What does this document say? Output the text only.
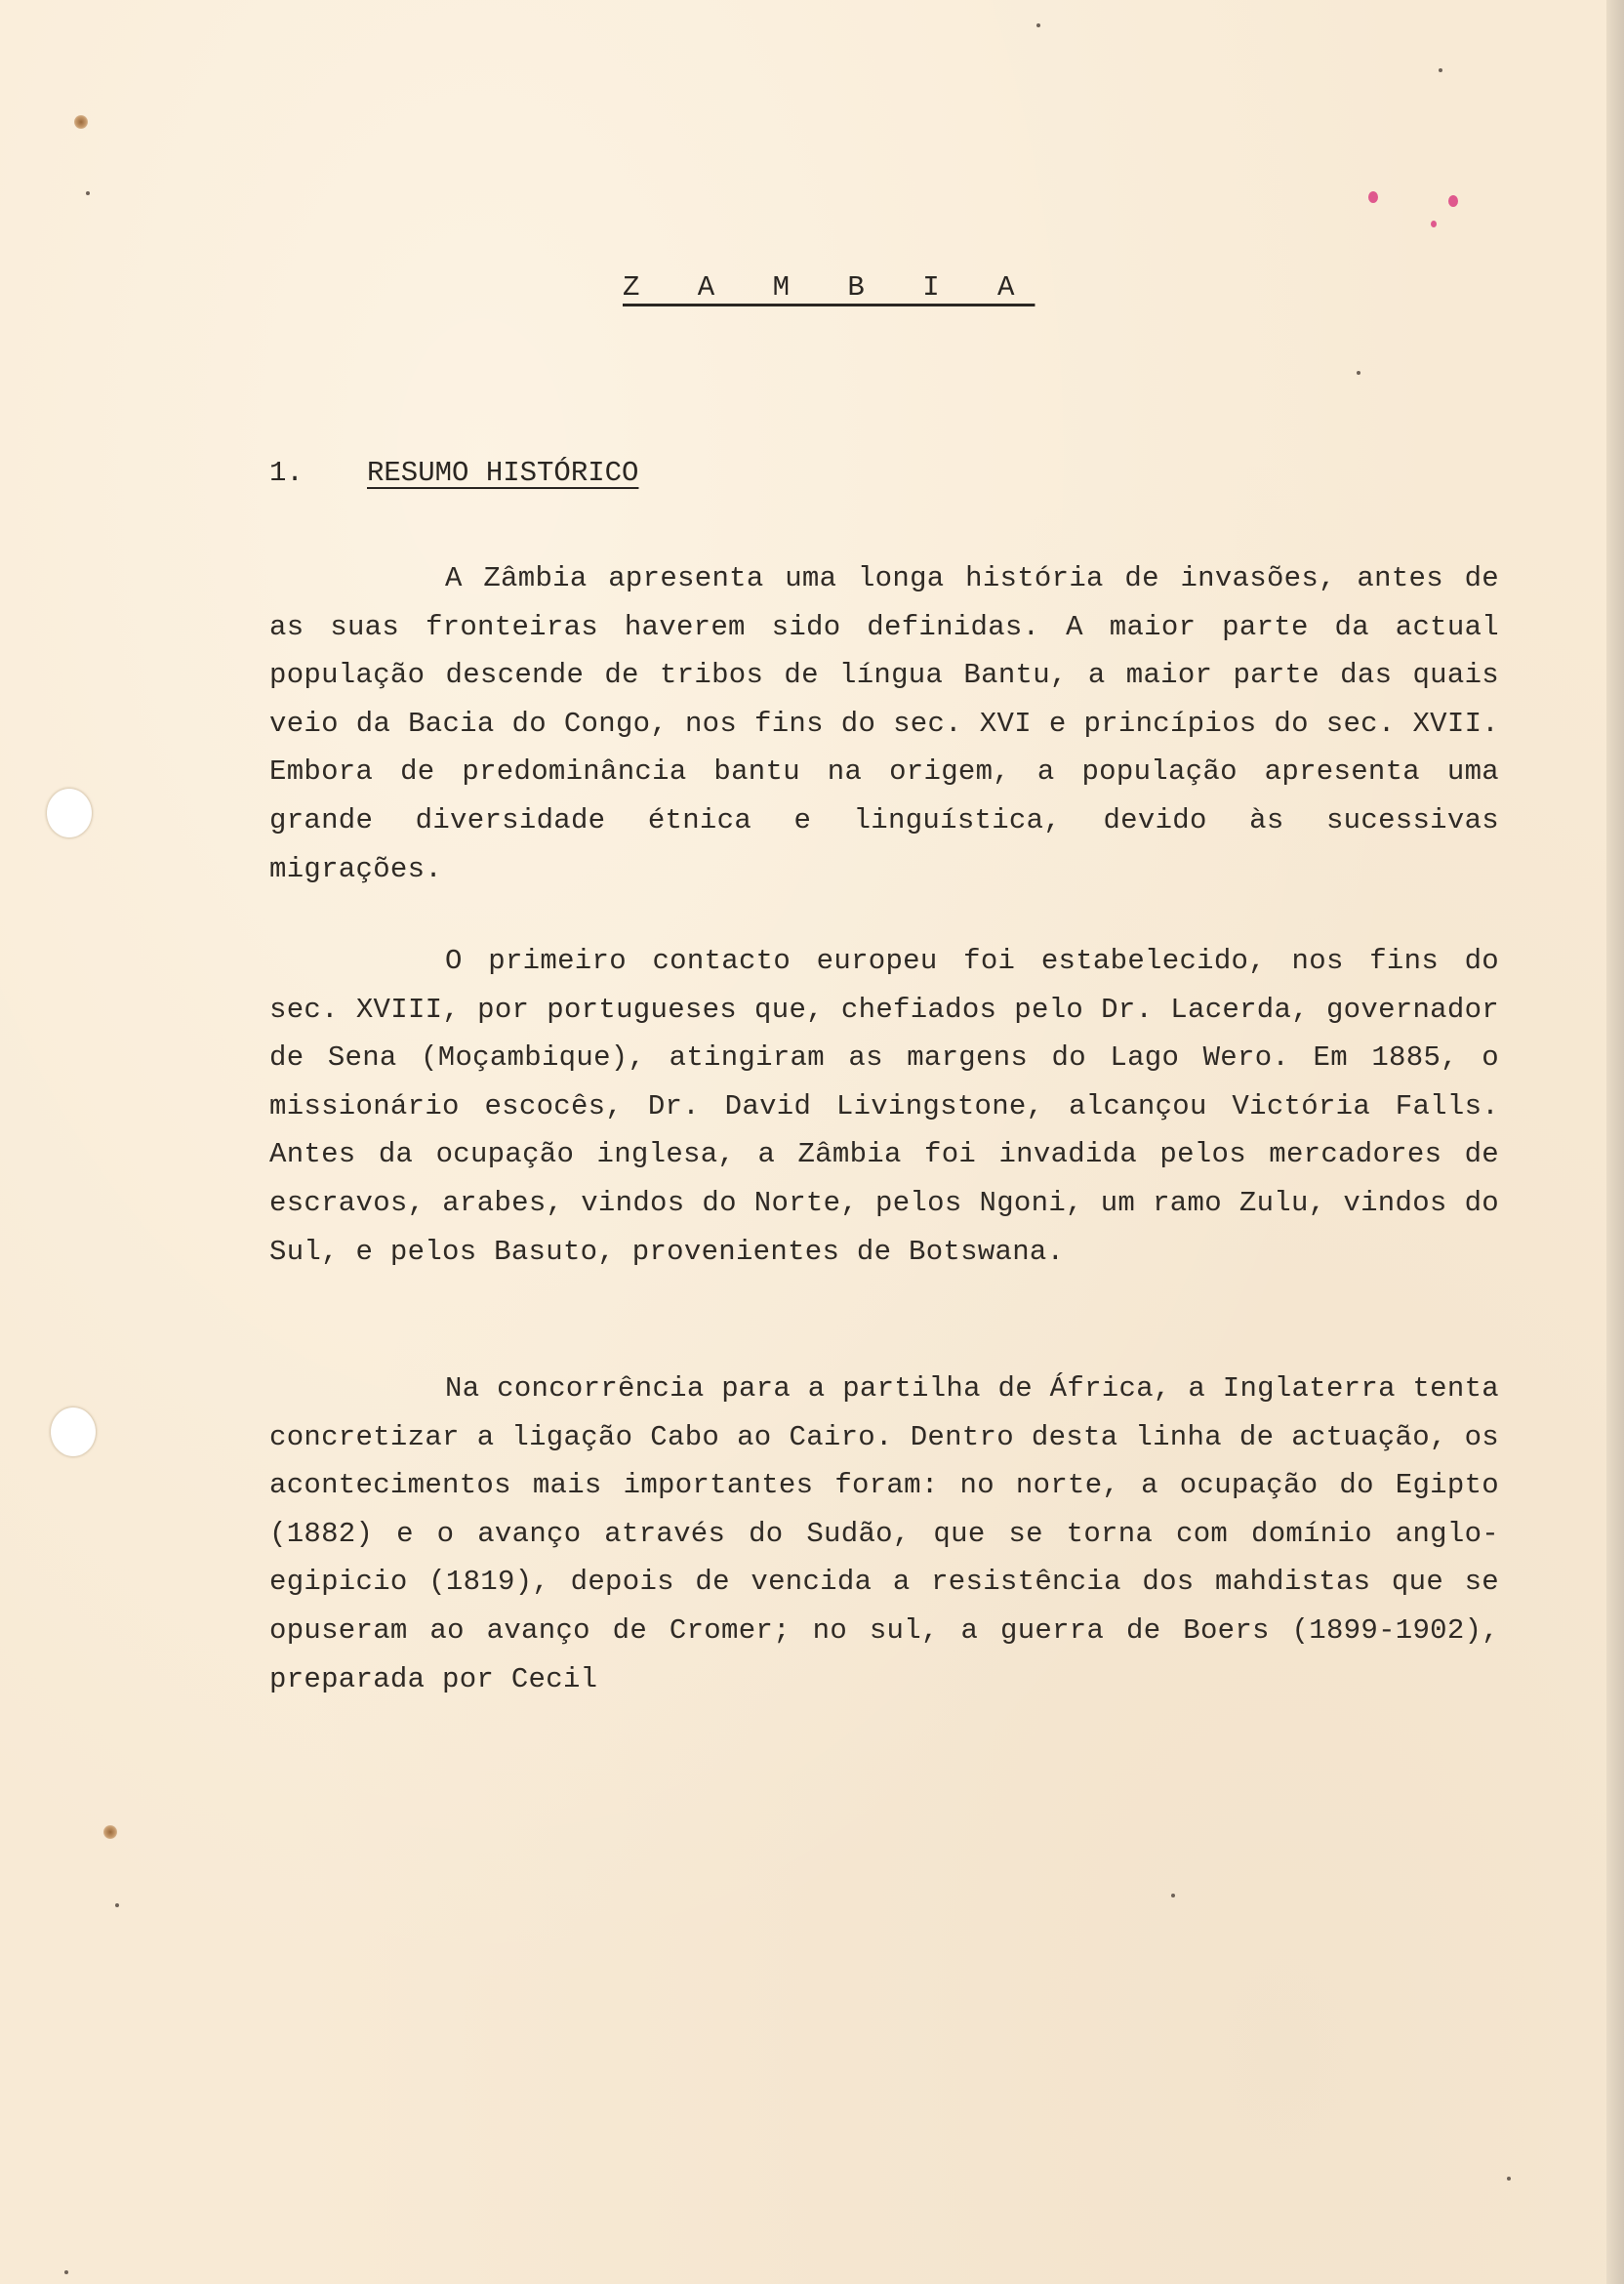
Z A M B I A
1. RESUMO HISTÓRICO

A Zâmbia apresenta uma longa história de invasões, antes de as suas fronteiras haverem sido definidas. A maior parte da actual população descende de tribos de língua Bantu, a maior parte das quais veio da Bacia do Congo, nos fins do sec. XVI e princípios do sec. XVII. Embora de predominância bantu na origem, a população apresenta uma grande diversidade étnica e linguística, devido às sucessivas migrações.

O primeiro contacto europeu foi estabelecido, nos fins do sec. XVIII, por portugueses que, chefiados pelo Dr. Lacerda, governador de Sena (Moçambique), atingiram as margens do Lago Wero. Em 1885, o missionário escocês, Dr. David Livingstone, alcançou Victória Falls. Antes da ocupação inglesa, a Zâmbia foi invadida pelos mercadores de escravos, arabes, vindos do Norte, pelos Ngoni, um ramo Zulu, vindos do Sul, e pelos Basuto, provenientes de Botswana.

Na concorrência para a partilha de África, a Inglaterra tenta concretizar a ligação Cabo ao Cairo. Dentro desta linha de actuação, os acontecimentos mais importantes foram: no norte, a ocupação do Egipto (1882) e o avanço através do Sudão, que se torna com domínio anglo-egipicio (1819), depois de vencida a resistência dos mahdistas que se opuseram ao avanço de Cromer; no sul, a guerra de Boers (1899-1902), preparada por Cecil
